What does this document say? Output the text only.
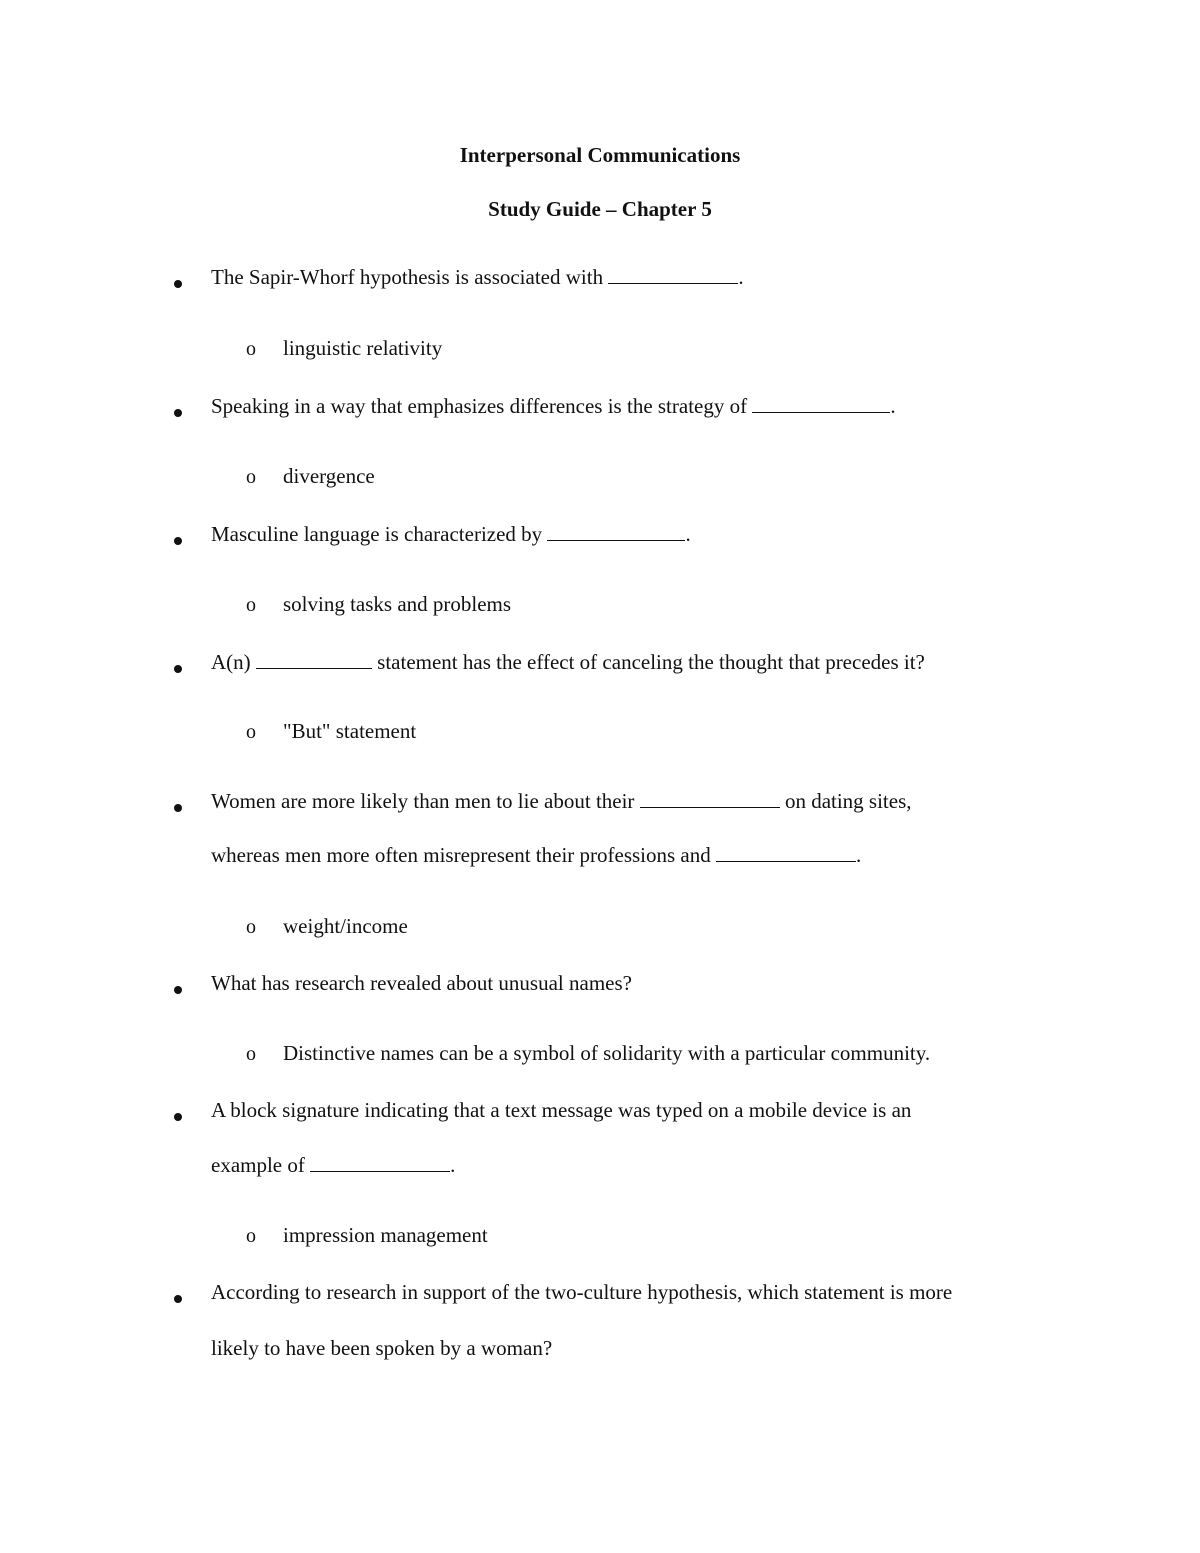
Interpersonal Communications
Study Guide – Chapter 5
The Sapir-Whorf hypothesis is associated with	.
o linguistic relativity
Speaking in a way that emphasizes differences is the strategy of	.
o divergence
Masculine language is characterized by	.
o solving tasks and problems
A(n)	statement has the effect of canceling the thought that precedes it?
o "But" statement
Women are more likely than men to lie about their	on dating sites,
whereas men more often misrepresent their professions and	.
o weight/income
What has research revealed about unusual names?
o Distinctive names can be a symbol of solidarity with a particular community.
A block signature indicating that a text message was typed on a mobile device is an
example of	.
o impression management
According to research in support of the two-culture hypothesis, which statement is more
likely to have been spoken by a woman?
